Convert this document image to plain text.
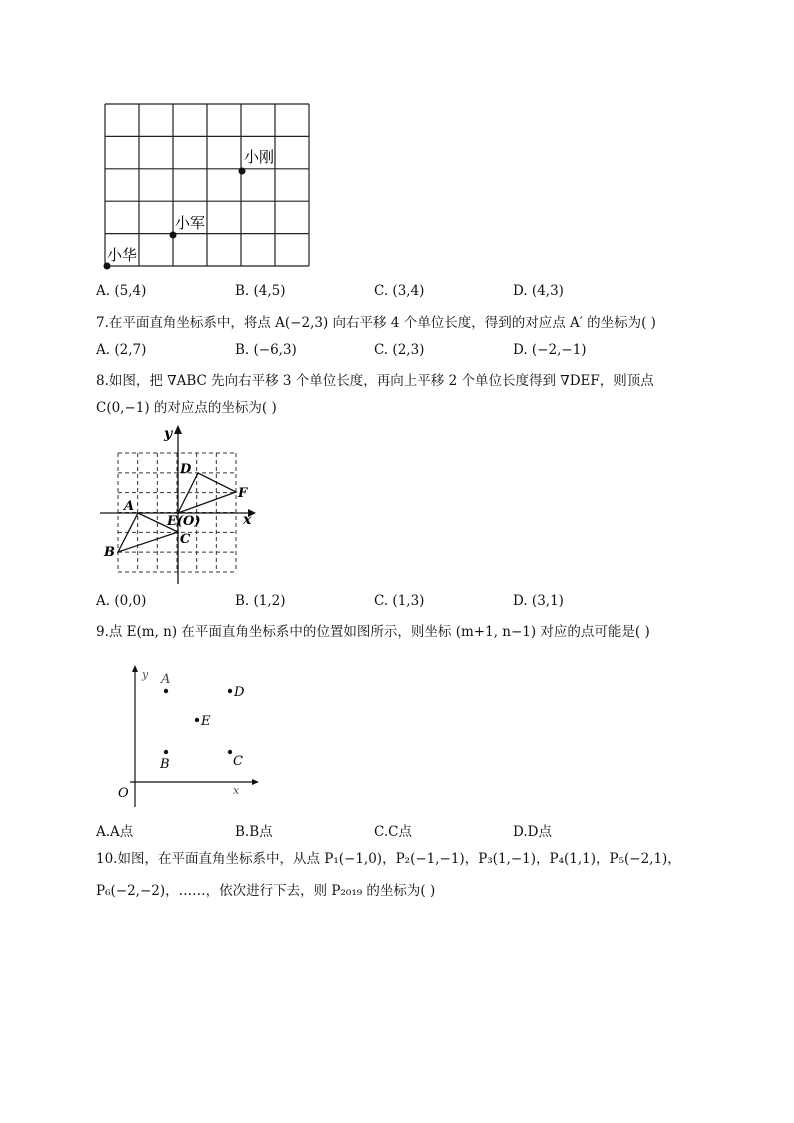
小华
小军
小刚
A. (5,4)	B. (4,5)	C. (3,4)	D. (4,3)
7.在平面直角坐标系中，将点 A(−2,3) 向右平移 4 个单位长度，得到的对应点 A′ 的坐标为( )
A. (2,7)	B. (−6,3)	C. (2,3)	D. (−2,−1)
8.如图，把 ∇ABC 先向右平移 3 个单位长度，再向上平移 2 个单位长度得到 ∇DEF，则顶点
C(0,−1) 的对应点的坐标为( )
y
x
A
B
C
D
E(O)
F
A. (0,0)	B. (1,2)	C. (1,3)	D. (3,1)
9.点 E(m, n) 在平面直角坐标系中的位置如图所示，则坐标 (m+1, n−1) 对应的点可能是( )
y
x
O
A
D
E
B	C
A.A点	B.B点	C.C点	D.D点
10.如图，在平面直角坐标系中，从点 P₁(−1,0)，P₂(−1,−1)，P₃(1,−1)，P₄(1,1)，P₅(−2,1)，
P₆(−2,−2)，……，依次进行下去，则 P₂₀₁₉ 的坐标为( )
